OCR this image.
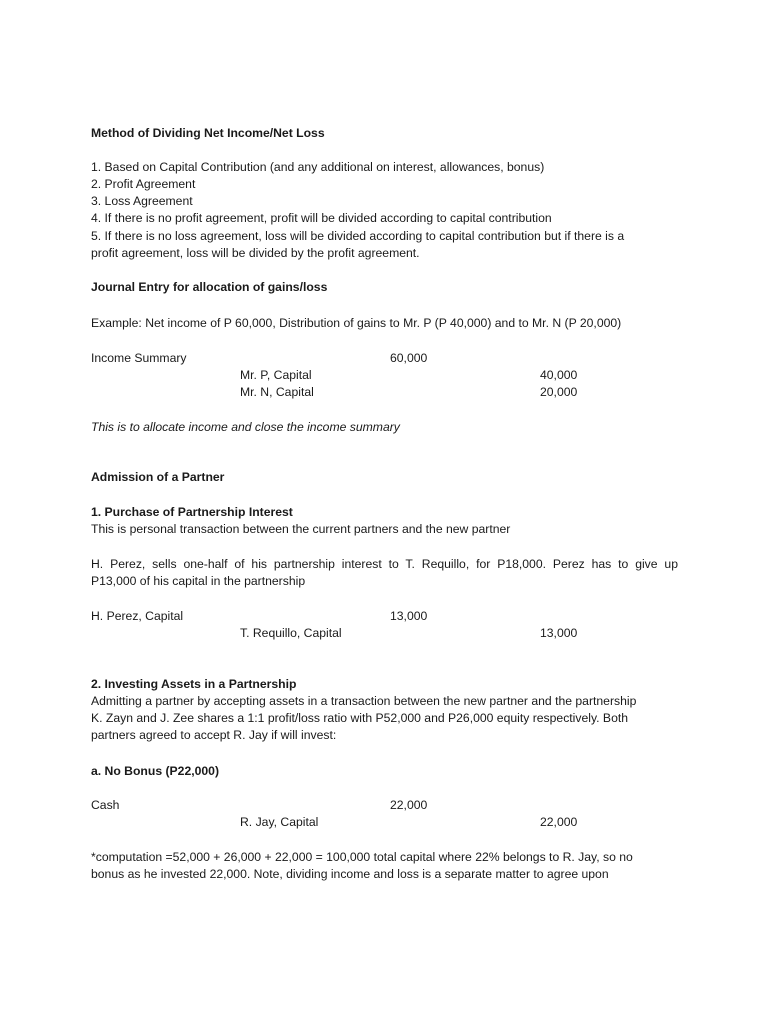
Method of Dividing Net Income/Net Loss
1. Based on Capital Contribution (and any additional on interest, allowances, bonus)
2. Profit Agreement
3. Loss Agreement
4. If there is no profit agreement, profit will be divided according to capital contribution
5. If there is no loss agreement, loss will be divided according to capital contribution but if there is a
profit agreement, loss will be divided by the profit agreement.
Journal Entry for allocation of gains/loss
Example: Net income of P 60,000, Distribution of gains to Mr. P (P 40,000) and to Mr. N (P 20,000)
Income Summary	60,000
Mr. P, Capital	40,000
Mr. N, Capital	20,000
This is to allocate income and close the income summary
Admission of a Partner
1. Purchase of Partnership Interest
This is personal transaction between the current partners and the new partner
H. Perez, sells one-half of his partnership interest to T. Requillo, for P18,000. Perez has to give up
P13,000 of his capital in the partnership
H. Perez, Capital	13,000
T. Requillo, Capital	13,000
2. Investing Assets in a Partnership
Admitting a partner by accepting assets in a transaction between the new partner and the partnership
K. Zayn and J. Zee shares a 1:1 profit/loss ratio with P52,000 and P26,000 equity respectively. Both
partners agreed to accept R. Jay if will invest:
a. No Bonus (P22,000)
Cash	22,000
R. Jay, Capital	22,000
*computation =52,000 + 26,000 + 22,000 = 100,000 total capital where 22% belongs to R. Jay, so no
bonus as he invested 22,000. Note, dividing income and loss is a separate matter to agree upon
